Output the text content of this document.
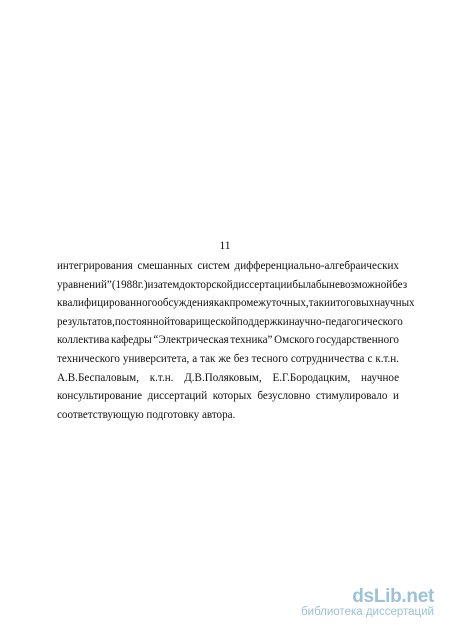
11
интегрирования смешанных систем дифференциально-алгебраических
уравнений” (1988г.) и затем докторской диссертации была бы невозможной без
квалифицированного обсуждения как промежуточных, так и итоговых научных
результатов, постоянной товарищеской поддержки научно-педагогического
коллектива кафедры “Электрическая техника” Омского государственного
технического университета, а так же без тесного сотрудничества с к.т.н.
А.В.Беспаловым, к.т.н. Д.В.Поляковым, Е.Г.Бородацким, научное
консультирование диссертаций которых безусловно стимулировало и
соответствующую подготовку автора.
dsLib.net
библиотека диссертаций
